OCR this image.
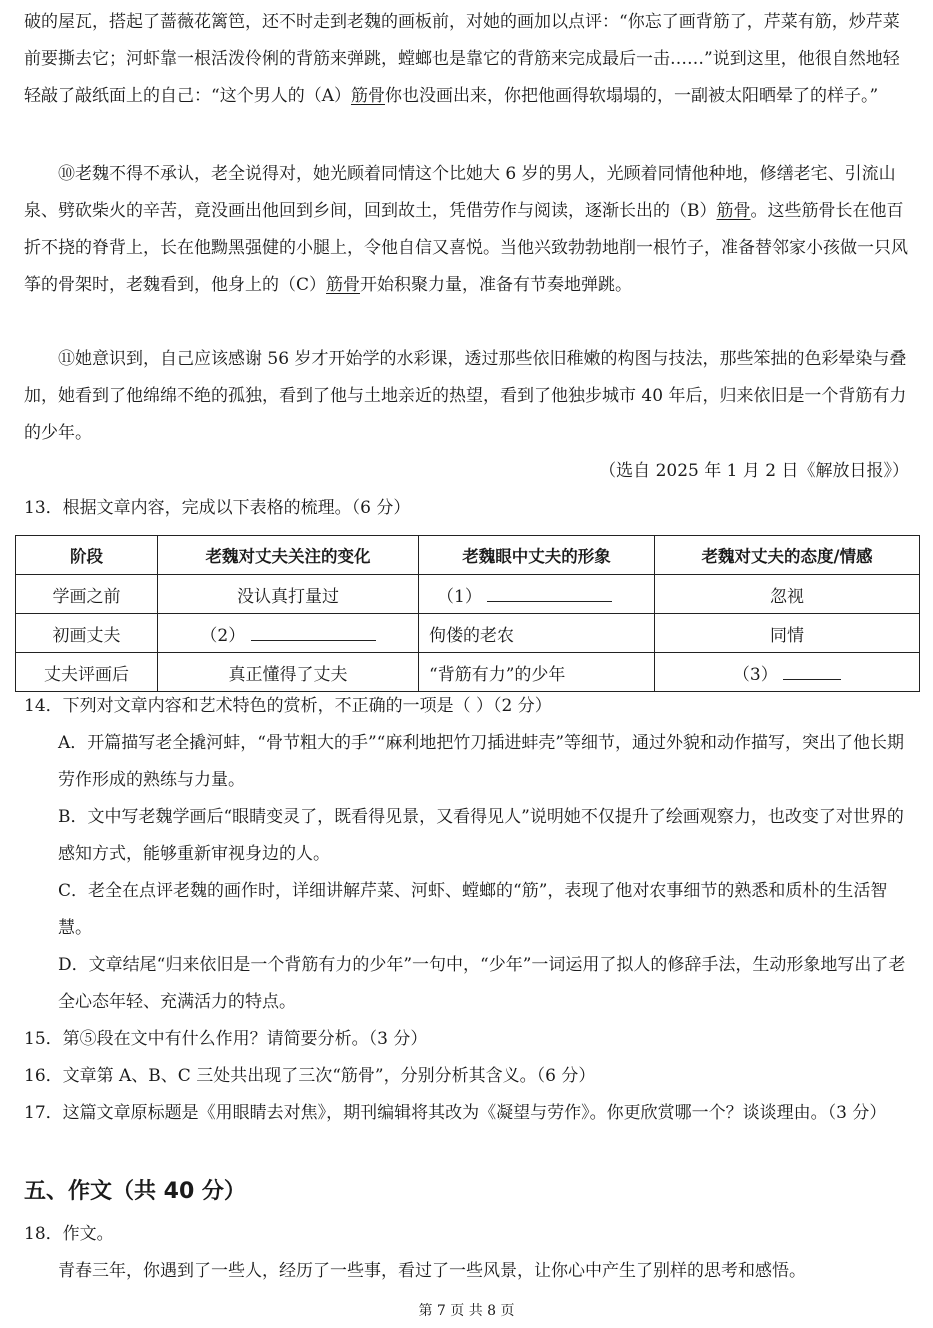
破的屋瓦，搭起了蔷薇花篱笆，还不时走到老魏的画板前，对她的画加以点评：“你忘了画背筋了，芹菜有筋，炒芹菜前要撕去它；河虾靠一根活泼伶俐的背筋来弹跳，螳螂也是靠它的背筋来完成最后一击……”说到这里，他很自然地轻轻敲了敲纸面上的自己：“这个男人的（A）筋骨你也没画出来，你把他画得软塌塌的，一副被太阳晒晕了的样子。”

⑩老魏不得不承认，老全说得对，她光顾着同情这个比她大 6 岁的男人，光顾着同情他种地，修缮老宅、引流山泉、劈砍柴火的辛苦，竟没画出他回到乡间，回到故土，凭借劳作与阅读，逐渐长出的（B）筋骨。这些筋骨长在他百折不挠的脊背上，长在他黝黑强健的小腿上，令他自信又喜悦。当他兴致勃勃地削一根竹子，准备替邻家小孩做一只风筝的骨架时，老魏看到，他身上的（C）筋骨开始积聚力量，准备有节奏地弹跳。

⑪她意识到，自己应该感谢 56 岁才开始学的水彩课，透过那些依旧稚嫩的构图与技法，那些笨拙的色彩晕染与叠加，她看到了他绵绵不绝的孤独，看到了他与土地亲近的热望，看到了他独步城市 40 年后，归来依旧是一个背筋有力的少年。

（选自 2025 年 1 月 2 日《解放日报》）

13．根据文章内容，完成以下表格的梳理。（6 分）

阶段	老魏对丈夫关注的变化	老魏眼中丈夫的形象	老魏对丈夫的态度/情感
学画之前	没认真打量过	（1）	忽视
初画丈夫	（2）	佝偻的老农	同情
丈夫评画后	真正懂得了丈夫	“背筋有力”的少年	（3）

14．下列对文章内容和艺术特色的赏析，不正确的一项是（ ）（2 分）

A．开篇描写老全撬河蚌，“骨节粗大的手”“麻利地把竹刀插进蚌壳”等细节，通过外貌和动作描写，突出了他长期劳作形成的熟练与力量。

B．文中写老魏学画后“眼睛变灵了，既看得见景，又看得见人”说明她不仅提升了绘画观察力，也改变了对世界的感知方式，能够重新审视身边的人。

C．老全在点评老魏的画作时，详细讲解芹菜、河虾、螳螂的“筋”，表现了他对农事细节的熟悉和质朴的生活智慧。

D．文章结尾“归来依旧是一个背筋有力的少年”一句中，“少年”一词运用了拟人的修辞手法，生动形象地写出了老全心态年轻、充满活力的特点。

15．第⑤段在文中有什么作用？请简要分析。（3 分）

16．文章第 A、B、C 三处共出现了三次“筋骨”，分别分析其含义。（6 分）

17．这篇文章原标题是《用眼睛去对焦》，期刊编辑将其改为《凝望与劳作》。你更欣赏哪一个？谈谈理由。（3 分）

五、作文（共 40 分）

18．作文。

青春三年，你遇到了一些人，经历了一些事，看过了一些风景，让你心中产生了别样的思考和感悟。

第 7 页 共 8 页
